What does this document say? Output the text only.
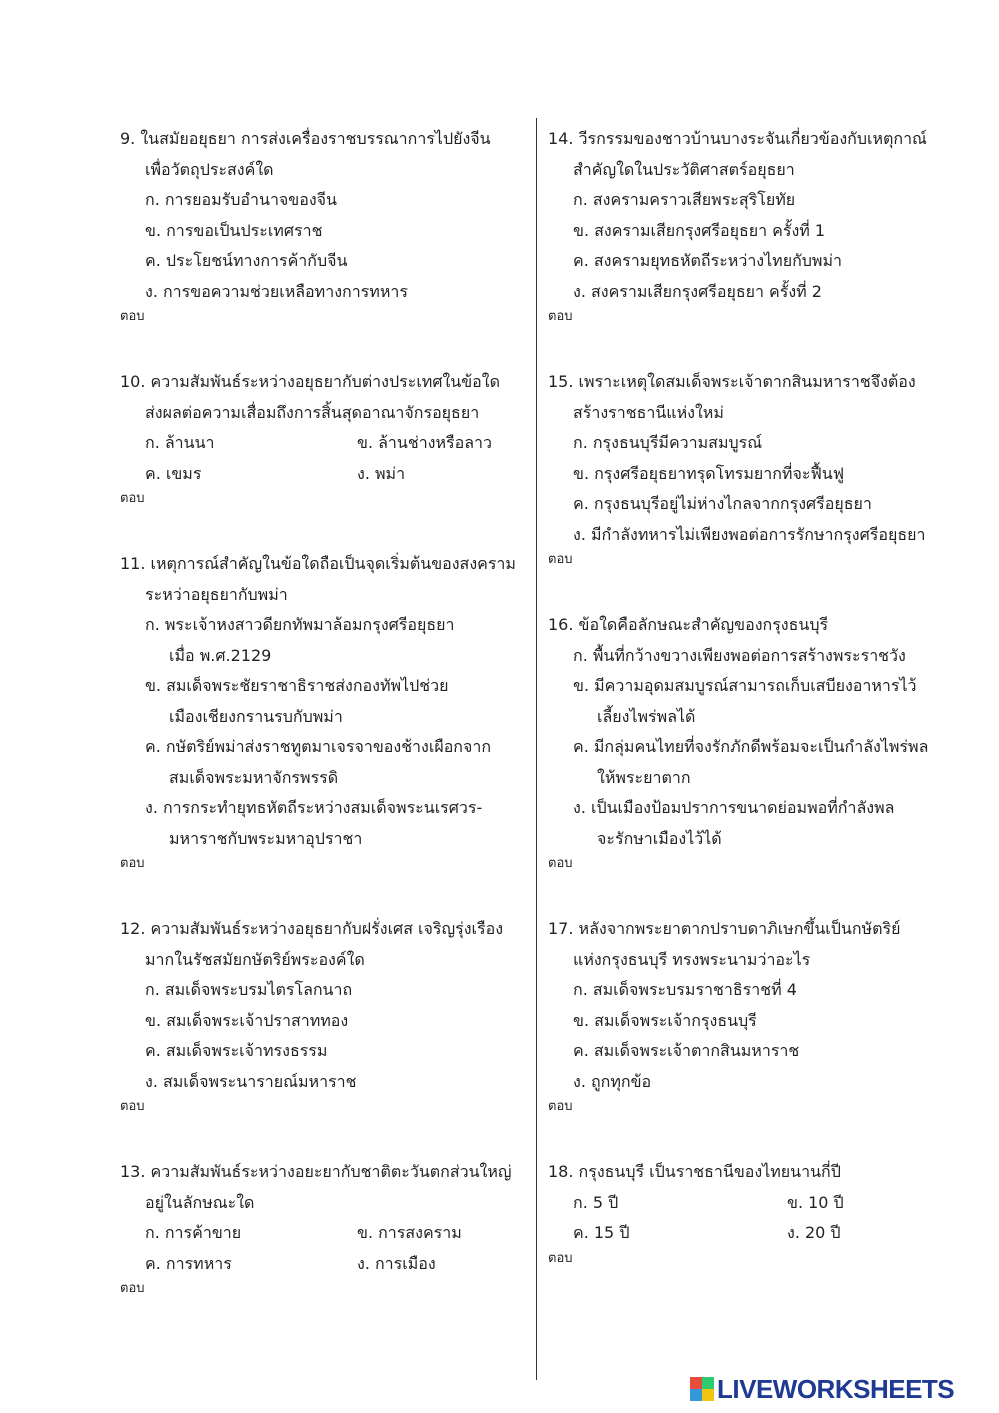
9. ในสมัยอยุธยา การส่งเครื่องราชบรรณาการไปยังจีน
เพื่อวัตถุประสงค์ใด
ก. การยอมรับอำนาจของจีน
ข. การขอเป็นประเทศราช
ค. ประโยชน์ทางการค้ากับจีน
ง. การขอความช่วยเหลือทางการทหาร
ตอบ
10. ความสัมพันธ์ระหว่างอยุธยากับต่างประเทศในข้อใด
ส่งผลต่อความเสื่อมถึงการสิ้นสุดอาณาจักรอยุธยา
ก. ล้านนา	ข. ล้านช่างหรือลาว
ค. เขมร	ง. พม่า
ตอบ
11. เหตุการณ์สำคัญในข้อใดถือเป็นจุดเริ่มต้นของสงคราม
ระหว่าอยุธยากับพม่า
ก. พระเจ้าหงสาวดียกทัพมาล้อมกรุงศรีอยุธยา
เมื่อ พ.ศ.2129
ข. สมเด็จพระชัยราชาธิราชส่งกองทัพไปช่วย
เมืองเชียงกรานรบกับพม่า
ค. กษัตริย์พม่าส่งราชทูตมาเจรจาของช้างเผือกจาก
สมเด็จพระมหาจักรพรรดิ
ง. การกระทำยุทธหัตถีระหว่างสมเด็จพระนเรศวร-
มหาราชกับพระมหาอุปราชา
ตอบ
12. ความสัมพันธ์ระหว่างอยุธยากับฝรั่งเศส เจริญรุ่งเรือง
มากในรัชสมัยกษัตริย์พระองค์ใด
ก. สมเด็จพระบรมไตรโลกนาถ
ข. สมเด็จพระเจ้าปราสาททอง
ค. สมเด็จพระเจ้าทรงธรรม
ง. สมเด็จพระนารายณ์มหาราช
ตอบ
13. ความสัมพันธ์ระหว่างอยะยากับชาติตะวันตกส่วนใหญ่
อยู่ในลักษณะใด
ก. การค้าขาย	ข. การสงคราม
ค. การทหาร	ง. การเมือง
ตอบ
14. วีรกรรมของชาวบ้านบางระจันเกี่ยวข้องกับเหตุกาณ์
สำคัญใดในประวัติศาสตร์อยุธยา
ก. สงครามคราวเสียพระสุริโยทัย
ข. สงครามเสียกรุงศรีอยุธยา ครั้งที่ 1
ค. สงครามยุทธหัตถีระหว่างไทยกับพม่า
ง. สงครามเสียกรุงศรีอยุธยา ครั้งที่ 2
ตอบ
15. เพราะเหตุใดสมเด็จพระเจ้าตากสินมหาราชจึงต้อง
สร้างราชธานีแห่งใหม่
ก. กรุงธนบุรีมีความสมบูรณ์
ข. กรุงศรีอยุธยาทรุดโทรมยากที่จะฟื้นฟู
ค. กรุงธนบุรีอยู่ไม่ห่างไกลจากกรุงศรีอยุธยา
ง. มีกำลังทหารไม่เพียงพอต่อการรักษากรุงศรีอยุธยา
ตอบ
16. ข้อใดคือลักษณะสำคัญของกรุงธนบุรี
ก. พื้นที่กว้างขวางเพียงพอต่อการสร้างพระราชวัง
ข. มีความอุดมสมบูรณ์สามารถเก็บเสบียงอาหารไว้
เลี้ยงไพร่พลได้
ค. มีกลุ่มคนไทยที่จงรักภักดีพร้อมจะเป็นกำลังไพร่พล
ให้พระยาตาก
ง. เป็นเมืองป้อมปราการขนาดย่อมพอที่กำลังพล
จะรักษาเมืองไว้ได้
ตอบ
17. หลังจากพระยาตากปราบดาภิเษกขึ้นเป็นกษัตริย์
แห่งกรุงธนบุรี ทรงพระนามว่าอะไร
ก. สมเด็จพระบรมราชาธิราชที่ 4
ข. สมเด็จพระเจ้ากรุงธนบุรี
ค. สมเด็จพระเจ้าตากสินมหาราช
ง. ถูกทุกข้อ
ตอบ
18. กรุงธนบุรี เป็นราชธานีของไทยนานกี่ปี
ก. 5 ปี	ข. 10 ปี
ค. 15 ปี	ง. 20 ปี
ตอบ
LIVEWORKSHEETS
